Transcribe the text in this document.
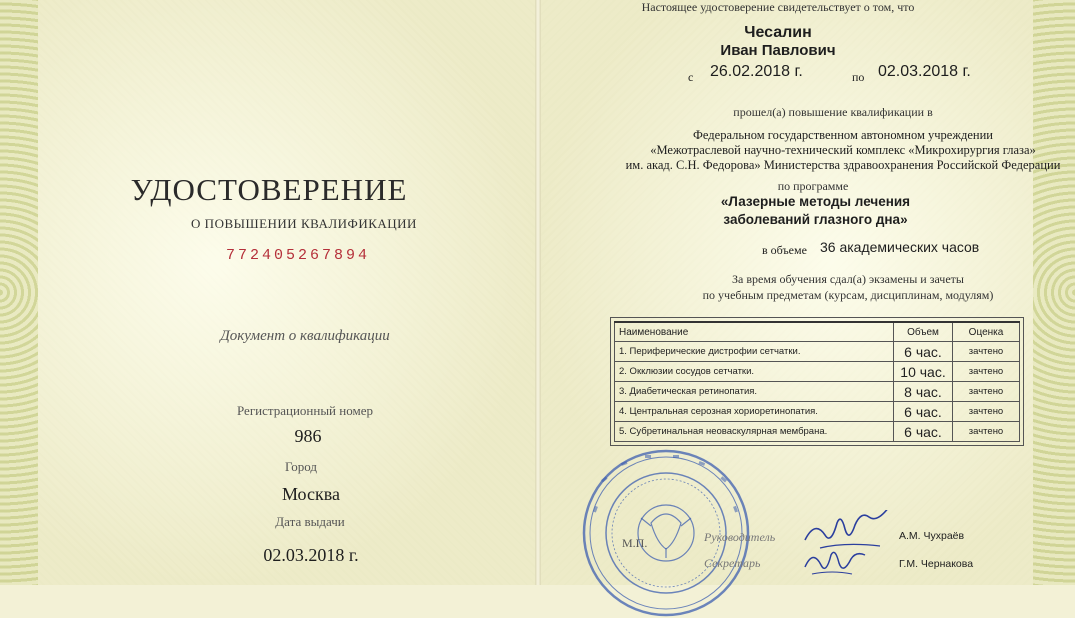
УДОСТОВЕРЕНИЕ
О ПОВЫШЕНИИ КВАЛИФИКАЦИИ
772405267894
Документ о квалификации
Регистрационный номер
986
Город
Москва
Дата выдачи
02.03.2018 г.
Настоящее удостоверение свидетельствует о том, что
Чесалин
Иван Павлович
с 26.02.2018 г.	по 02.03.2018 г.
прошел(а) повышение квалификации в
Федеральном государственном автономном учреждении
«Межотраслевой научно-технический комплекс «Микрохирургия глаза»
им. акад. С.Н. Федорова» Министерства здравоохранения Российской Федерации
по программе
«Лазерные методы лечения
заболеваний глазного дна»
в объеме 36 академических часов
За время обучения сдал(а) экзамены и зачеты
по учебным предметам (курсам, дисциплинам, модулям)
Наименование	Объем	Оценка
1. Периферические дистрофии сетчатки.	6 час.	зачтено
2. Окклюзии сосудов сетчатки.	10 час.	зачтено
3. Диабетическая ретинопатия.	8 час.	зачтено
4. Центральная серозная хориоретинопатия.	6 час.	зачтено
5. Субретинальная неоваскулярная мембрана.	6 час.	зачтено
М.П.	Руководитель
Секретарь
А.М. Чухраёв
Г.М. Чернакова
